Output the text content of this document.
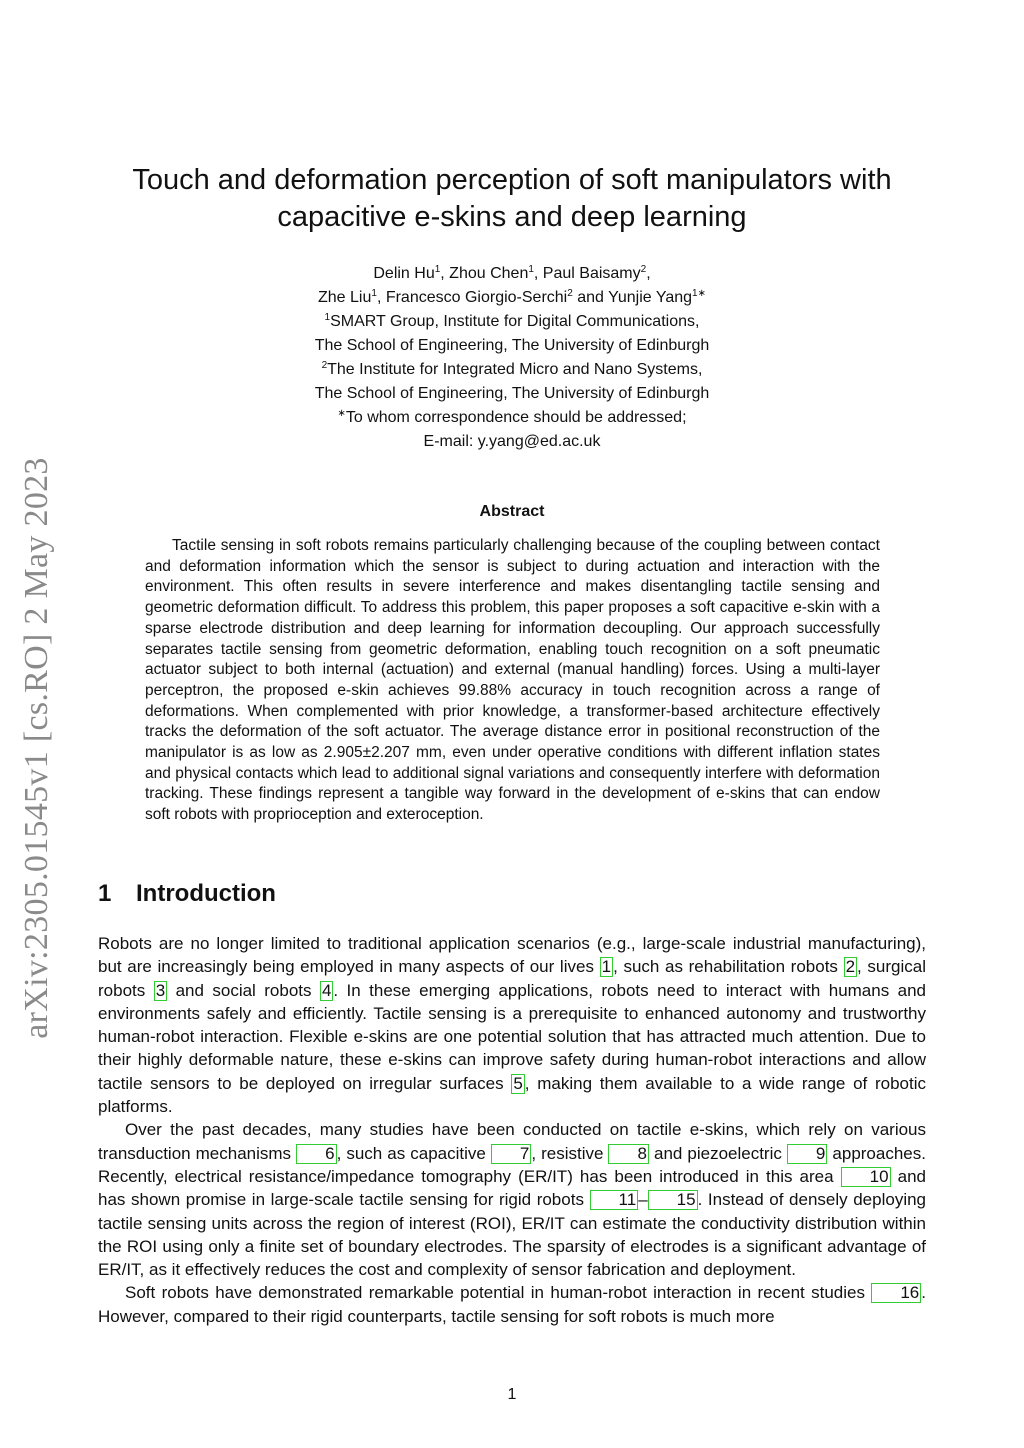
arXiv:2305.01545v1 [cs.RO] 2 May 2023
Touch and deformation perception of soft manipulators with
capacitive e-skins and deep learning
Delin Hu$^1$, Zhou Chen$^1$, Paul Baisamy$^2$,
Zhe Liu$^1$, Francesco Giorgio-Serchi$^2$ and Yunjie Yang$^{1∗}$
$^1$SMART Group, Institute for Digital Communications,
The School of Engineering, The University of Edinburgh
$^2$The Institute for Integrated Micro and Nano Systems,
The School of Engineering, The University of Edinburgh
∗To whom correspondence should be addressed;
E-mail: y.yang@ed.ac.uk
Abstract

Tactile sensing in soft robots remains particularly challenging because of the coupling between contact and deformation information which the sensor is subject to during actuation and interaction with the environment. This often results in severe interference and makes disentangling tactile sensing and geometric deformation difficult. To address this problem, this paper proposes a soft capacitive e-skin with a sparse electrode distribution and deep learning for information decoupling. Our approach successfully separates tactile sensing from geometric deformation, enabling touch recognition on a soft pneumatic actuator subject to both internal (actuation) and external (manual handling) forces. Using a multi-layer perceptron, the proposed e-skin achieves 99.88% accuracy in touch recognition across a range of deformations. When complemented with prior knowledge, a transformer-based architecture effectively tracks the deformation of the soft actuator. The average distance error in positional reconstruction of the manipulator is as low as 2.905±2.207 mm, even under operative conditions with different inflation states and physical contacts which lead to additional signal variations and consequently interfere with deformation tracking. These findings represent a tangible way forward in the development of e-skins that can endow soft robots with proprioception and exteroception.

1 Introduction

Robots are no longer limited to traditional application scenarios (e.g., large-scale industrial manufacturing), but are increasingly being employed in many aspects of our lives 1 , such as rehabilitation robots 2 , surgical robots 3 and social robots 4 . In these emerging applications, robots need to interact with humans and environments safely and efficiently. Tactile sensing is a prerequisite to enhanced autonomy and trustworthy human-robot interaction. Flexible e-skins are one potential solution that has attracted much attention. Due to their highly deformable nature, these e-skins can improve safety during human-robot interactions and allow tactile sensors to be deployed on irregular surfaces 5 , making them available to a wide range of robotic platforms.

Over the past decades, many studies have been conducted on tactile e-skins, which rely on various transduction mechanisms 6 , such as capacitive 7 , resistive 8 and piezoelectric 9 approaches. Recently, electrical resistance/impedance tomography (ER/IT) has been introduced in this area 10 and has shown promise in large-scale tactile sensing for rigid robots 11 – 15 . Instead of densely deploying tactile sensing units across the region of interest (ROI), ER/IT can estimate the conductivity distribution within the ROI using only a finite set of boundary electrodes. The sparsity of electrodes is a significant advantage of ER/IT, as it effectively reduces the cost and complexity of sensor fabrication and deployment.

Soft robots have demonstrated remarkable potential in human-robot interaction in recent studies 16 . However, compared to their rigid counterparts, tactile sensing for soft robots is much more

1
